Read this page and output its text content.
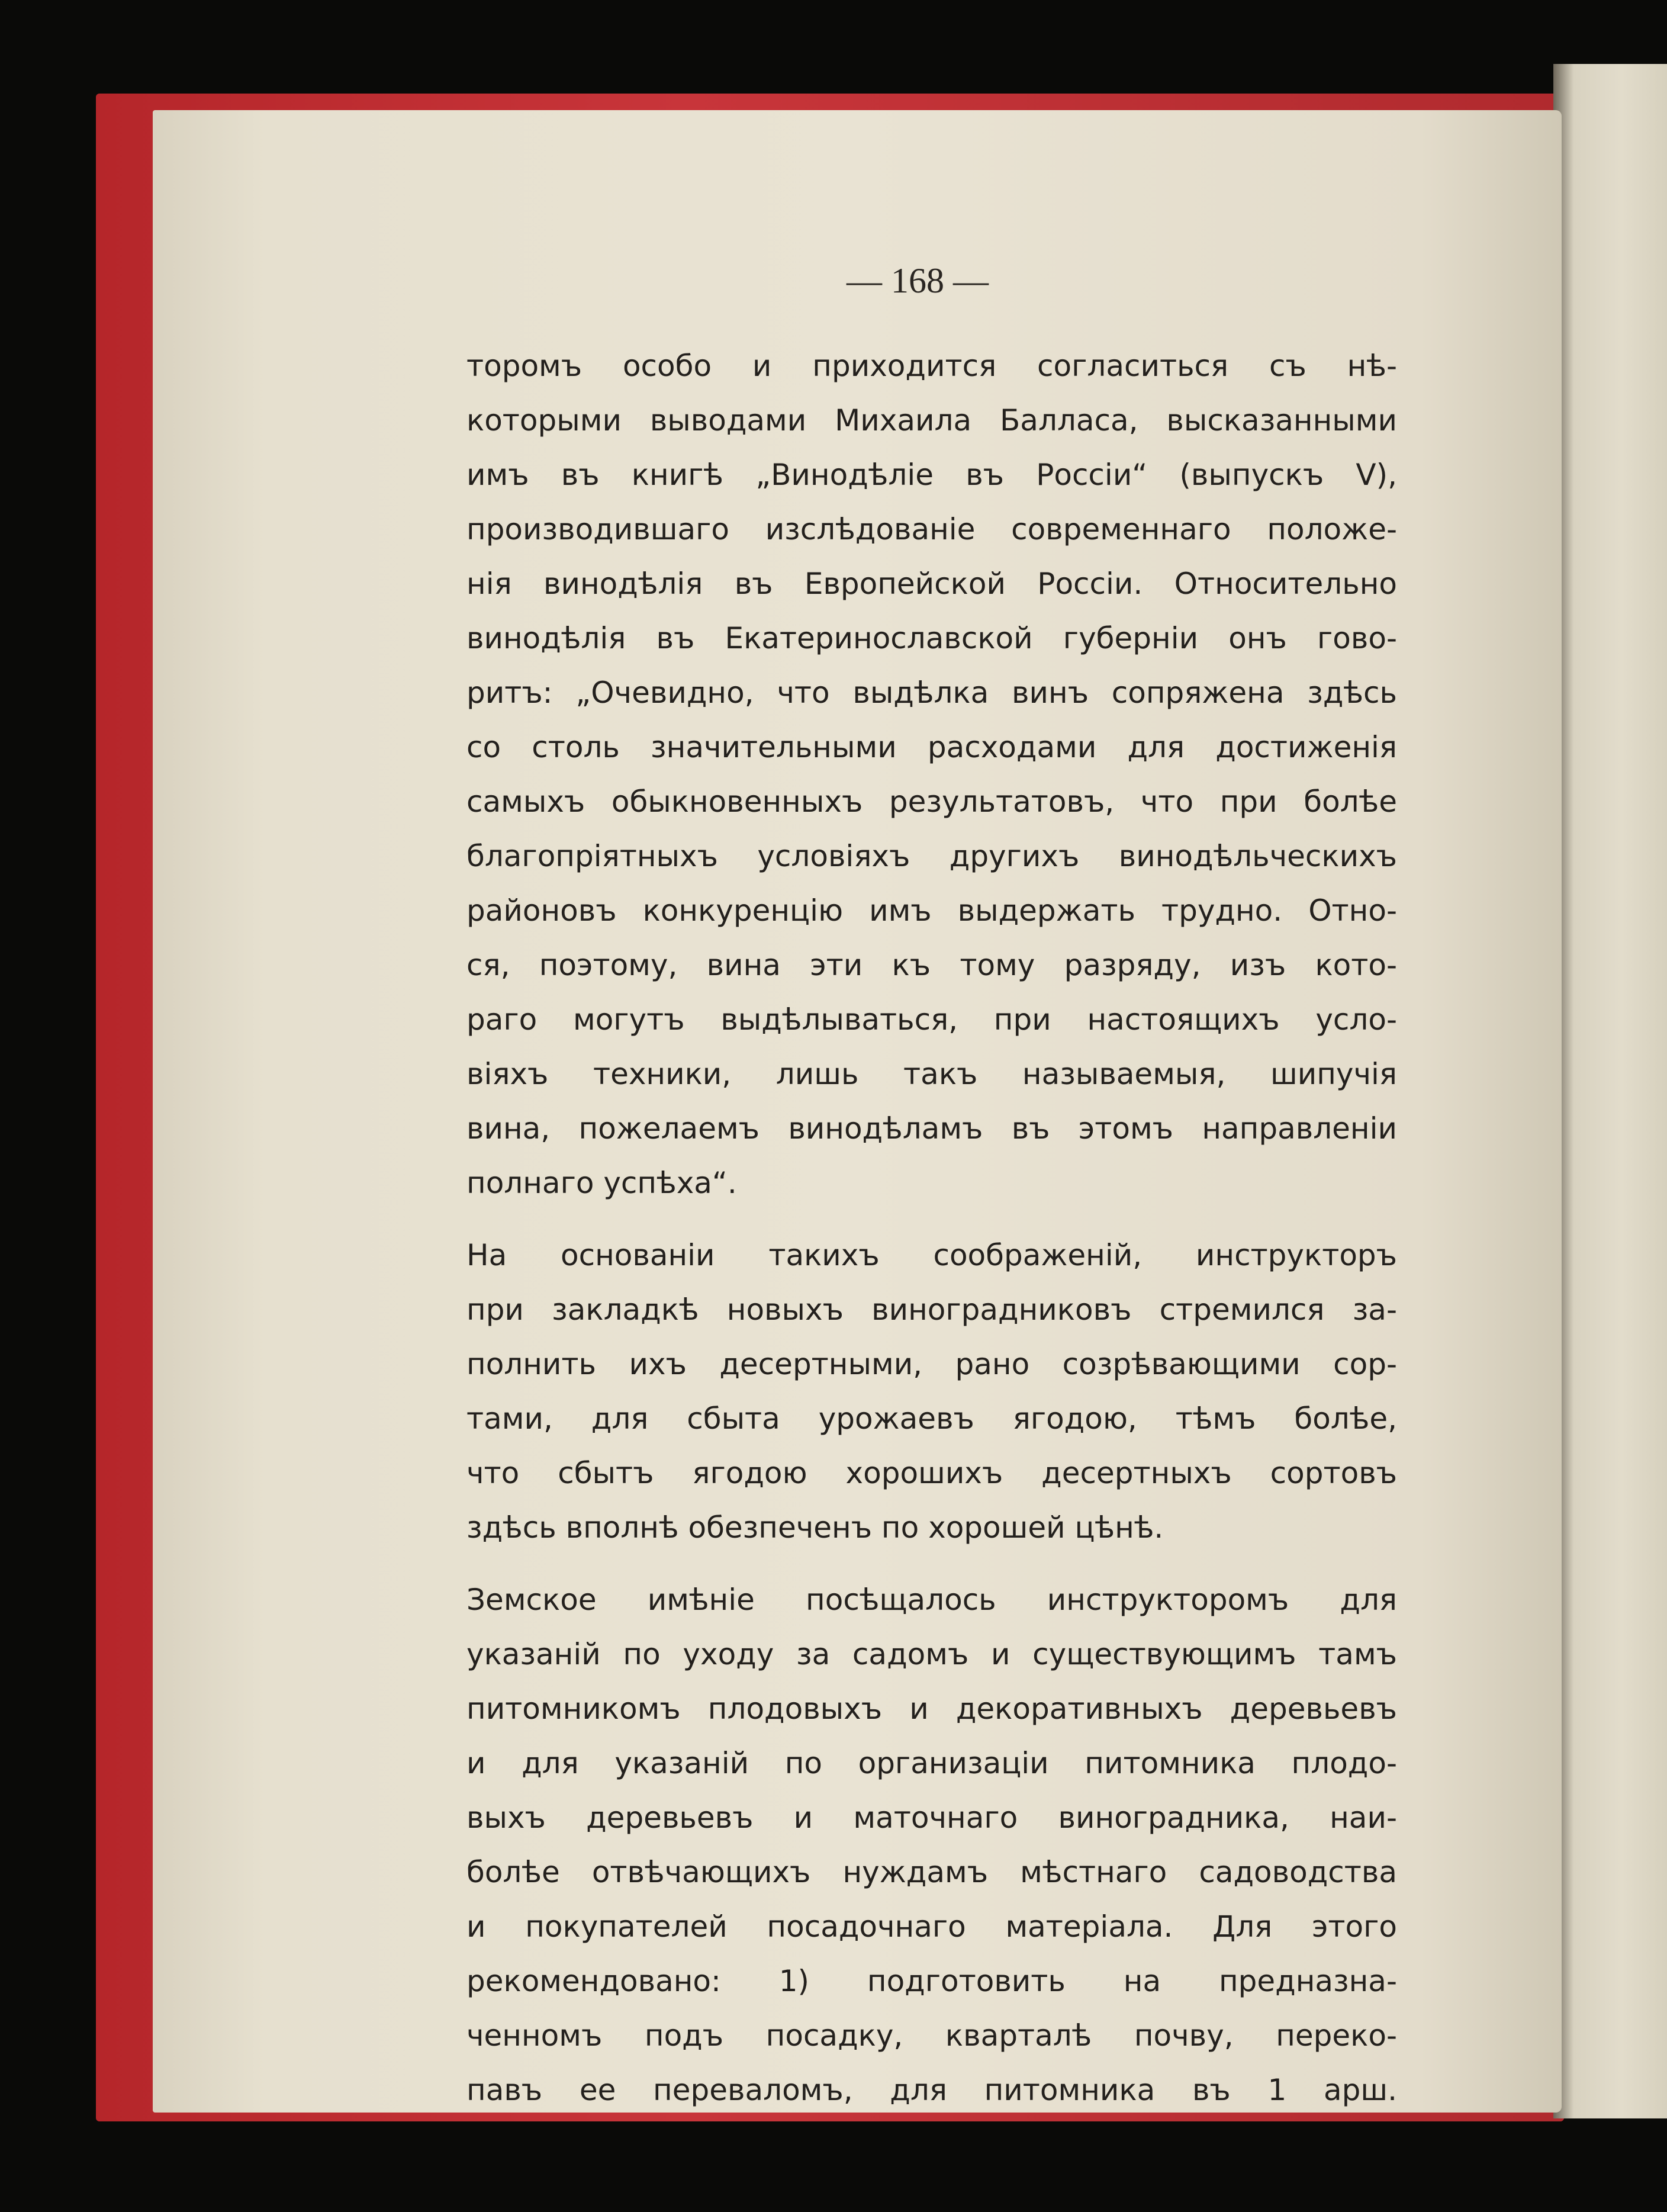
— 168 —
торомъ особо и приходится согласиться съ нѣ-
которыми выводами Михаила Балласа, высказанными
имъ въ книгѣ „Винодѣліе въ Россіи“ (выпускъ V),
производившаго изслѣдованіе современнаго положе-
нія винодѣлія въ Европейской Россіи. Относительно
винодѣлія въ Екатеринославской губерніи онъ гово-
ритъ: „Очевидно, что выдѣлка винъ сопряжена здѣсь
со столь значительными расходами для достиженія
самыхъ обыкновенныхъ результатовъ, что при болѣе
благопріятныхъ условіяхъ другихъ винодѣльческихъ
районовъ конкуренцію имъ выдержать трудно. Отно-
ся, поэтому, вина эти къ тому разряду, изъ кото-
раго могутъ выдѣлываться, при настоящихъ усло-
віяхъ техники, лишь такъ называемыя, шипучія
вина, пожелаемъ винодѣламъ въ этомъ направленіи
полнаго успѣха“.
На основаніи такихъ соображеній, инструкторъ
при закладкѣ новыхъ виноградниковъ стремился за-
полнить ихъ десертными, рано созрѣвающими сор-
тами, для сбыта урожаевъ ягодою, тѣмъ болѣе,
что сбытъ ягодою хорошихъ десертныхъ сортовъ
здѣсь вполнѣ обезпеченъ по хорошей цѣнѣ.
Земское имѣніе посѣщалось инструкторомъ для
указаній по уходу за садомъ и существующимъ тамъ
питомникомъ плодовыхъ и декоративныхъ деревьевъ
и для указаній по организаціи питомника плодо-
выхъ деревьевъ и маточнаго виноградника, наи-
болѣе отвѣчающихъ нуждамъ мѣстнаго садоводства
и покупателей посадочнаго матеріала. Для этого
рекомендовано: 1) подготовить на предназна-
ченномъ подъ посадку, кварталѣ почву, переко-
павъ ее переваломъ, для питомника въ 1 арш.
